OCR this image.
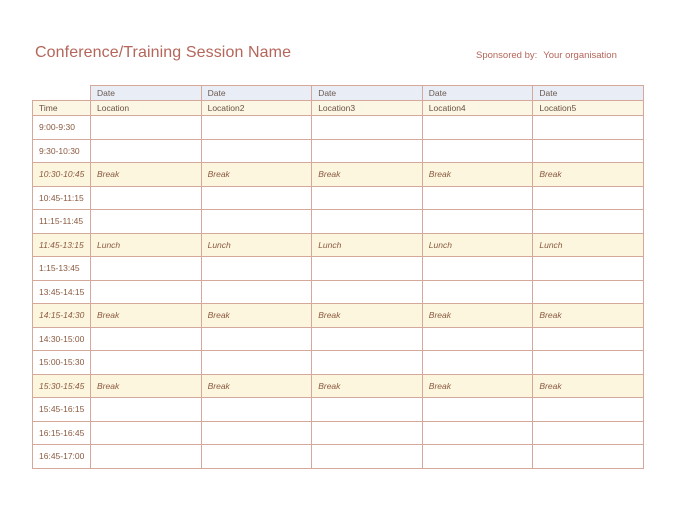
Conference/Training Session Name	Sponsored by: Your organisation
	Date	Date	Date	Date	Date
Time	Location	Location2	Location3	Location4	Location5
9:00-9:30					
9:30-10:30					
10:30-10:45	Break	Break	Break	Break	Break
10:45-11:15					
11:15-11:45					
11:45-13:15	Lunch	Lunch	Lunch	Lunch	Lunch
1:15-13:45					
13:45-14:15					
14:15-14:30	Break	Break	Break	Break	Break
14:30-15:00					
15:00-15:30					
15:30-15:45	Break	Break	Break	Break	Break
15:45-16:15					
16:15-16:45					
16:45-17:00					
